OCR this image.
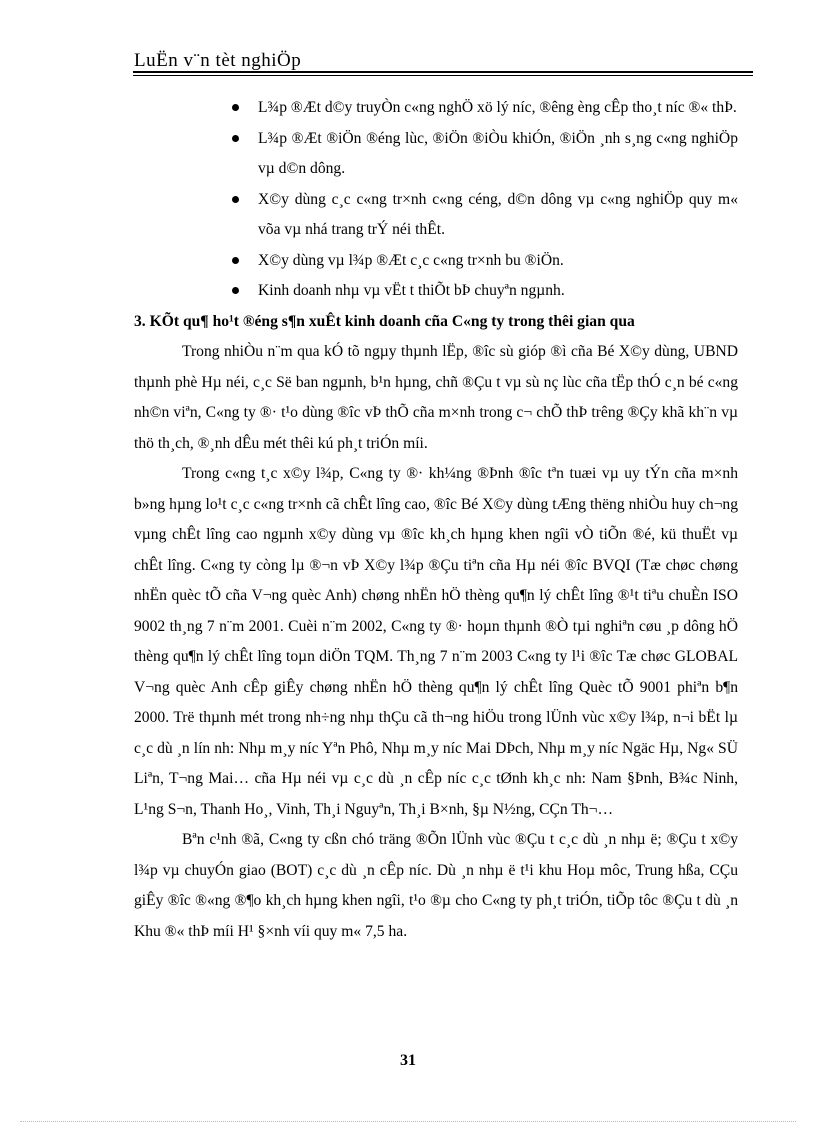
LuËn v¨n tèt nghiÖp
L¾p ®Æt d©y truyÒn c«ng nghÖ xö lý níc, ®êng èng cÊp tho¸t níc ®« thÞ.
L¾p ®Æt ®iÖn ®éng lùc, ®iÖn ®iÒu khiÓn, ®iÖn ¸nh s¸ng c«ng nghiÖp vµ d©n dông.
X©y dùng c¸c c«ng tr×nh c«ng céng, d©n dông vµ c«ng nghiÖp quy m« võa vµ nhá trang trÝ néi thÊt.
X©y dùng vµ l¾p ®Æt c¸c c«ng tr×nh bu ®iÖn.
Kinh doanh nhµ vµ vËt t thiÕt bÞ chuyªn ngµnh.
3. KÕt qu¶ ho¹t ®éng s¶n xuÊt kinh doanh cña C«ng ty trong thêi gian qua

Trong nhiÒu n¨m qua kÓ tõ ngµy thµnh lËp, ®îc sù gióp ®ì cña Bé X©y dùng, UBND thµnh phè Hµ néi, c¸c Së ban ngµnh, b¹n hµng, chñ ®Çu t vµ sù nç lùc cña tËp thÓ c¸n bé c«ng nh©n viªn, C«ng ty ®· t¹o dùng ®îc vÞ thÕ cña m×nh trong c¬ chÕ thÞ trêng ®Çy khã kh¨n vµ thö th¸ch, ®¸nh dÊu mét thêi kú ph¸t triÓn míi.

Trong c«ng t¸c x©y l¾p, C«ng ty ®· kh¼ng ®Þnh ®îc tªn tuæi vµ uy tÝn cña m×nh b»ng hµng lo¹t c¸c c«ng tr×nh cã chÊt lîng cao, ®îc Bé X©y dùng tÆng thëng nhiÒu huy ch¬ng vµng chÊt lîng cao ngµnh x©y dùng vµ ®îc kh¸ch hµng khen ngîi vÒ tiÕn ®é, kü thuËt vµ chÊt lîng. C«ng ty còng lµ ®¬n vÞ X©y l¾p ®Çu tiªn cña Hµ néi ®îc BVQI (Tæ chøc chøng nhËn quèc tÕ cña V¬ng quèc Anh) chøng nhËn hÖ thèng qu¶n lý chÊt lîng ®¹t tiªu chuÈn ISO 9002 th¸ng 7 n¨m 2001. Cuèi n¨m 2002, C«ng ty ®· hoµn thµnh ®Ò tµi nghiªn cøu ¸p dông hÖ thèng qu¶n lý chÊt lîng toµn diÖn TQM. Th¸ng 7 n¨m 2003 C«ng ty l¹i ®îc Tæ chøc GLOBAL V¬ng quèc Anh cÊp giÊy chøng nhËn hÖ thèng qu¶n lý chÊt lîng Quèc tÕ 9001 phiªn b¶n 2000. Trë thµnh mét trong nh÷ng nhµ thÇu cã th¬ng hiÖu trong lÜnh vùc x©y l¾p, n¬i bËt lµ c¸c dù ¸n lín nh: Nhµ m¸y níc Yªn Phô, Nhµ m¸y níc Mai DÞch, Nhµ m¸y níc Ngäc Hµ, Ng« SÜ Liªn, T¬ng Mai… cña Hµ néi vµ c¸c dù ¸n cÊp níc c¸c tØnh kh¸c nh: Nam §Þnh, B¾c Ninh, L¹ng S¬n, Thanh Ho¸, Vinh, Th¸i Nguyªn, Th¸i B×nh, §µ N½ng, CÇn Th¬…

Bªn c¹nh ®ã, C«ng ty cßn chó träng ®Õn lÜnh vùc ®Çu t c¸c dù ¸n nhµ ë; ®Çu t x©y l¾p vµ chuyÓn giao (BOT) c¸c dù ¸n cÊp níc. Dù ¸n nhµ ë t¹i khu Hoµ môc, Trung hßa, CÇu giÊy ®îc ®«ng ®¶o kh¸ch hµng khen ngîi, t¹o ®µ cho C«ng ty ph¸t triÓn, tiÕp tôc ®Çu t dù ¸n Khu ®« thÞ míi H¹ §×nh víi quy m« 7,5 ha.

31
